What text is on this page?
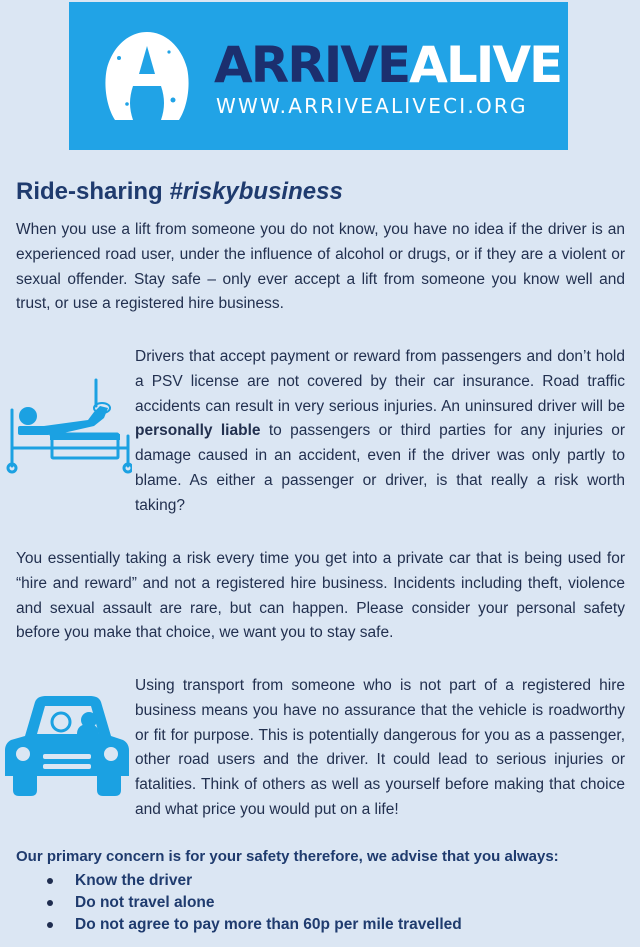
ARRIVEALIVE
WWW.ARRIVEALIVECI.ORG
Ride-sharing #riskybusiness

When you use a lift from someone you do not know, you have no idea if the driver is an experienced road user, under the influence of alcohol or drugs, or if they are a violent or sexual offender. Stay safe – only ever accept a lift from someone you know well and trust, or use a registered hire business.

Drivers that accept payment or reward from passengers and don’t hold a PSV license are not covered by their car insurance. Road traffic accidents can result in very serious injuries. An uninsured driver will be personally liable to passengers or third parties for any injuries or damage caused in an accident, even if the driver was only partly to blame. As either a passenger or driver, is that really a risk worth taking?

You essentially taking a risk every time you get into a private car that is being used for “hire and reward” and not a registered hire business. Incidents including theft, violence and sexual assault are rare, but can happen. Please consider your personal safety before you make that choice, we want you to stay safe.

Using transport from someone who is not part of a registered hire business means you have no assurance that the vehicle is roadworthy or fit for purpose. This is potentially dangerous for you as a passenger, other road users and the driver. It could lead to serious injuries or fatalities. Think of others as well as yourself before making that choice and what price you would put on a life!

Our primary concern is for your safety therefore, we advise that you always:

Know the driver
Do not travel alone
Do not agree to pay more than 60p per mile travelled
